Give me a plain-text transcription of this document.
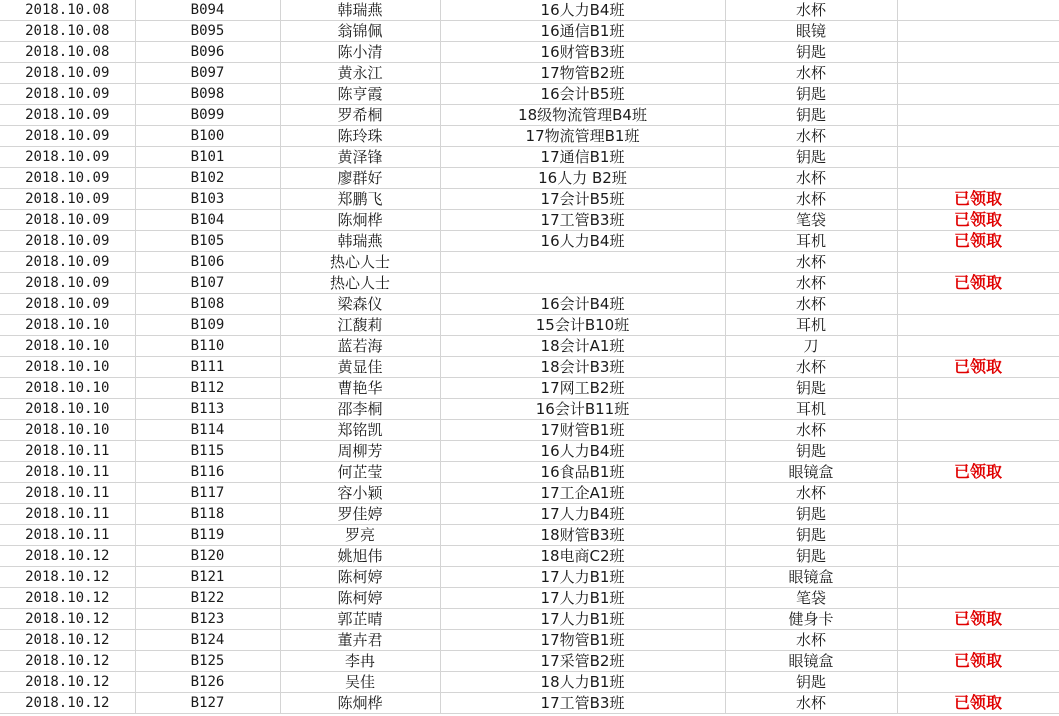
2018.10.08	B094	韩瑞燕	16人力B4班	水杯	
2018.10.08	B095	翁锦佩	16通信B1班	眼镜	
2018.10.08	B096	陈小清	16财管B3班	钥匙	
2018.10.09	B097	黄永江	17物管B2班	水杯	
2018.10.09	B098	陈亨霞	16会计B5班	钥匙	
2018.10.09	B099	罗希桐	18级物流管理B4班	钥匙	
2018.10.09	B100	陈玲珠	17物流管理B1班	水杯	
2018.10.09	B101	黄泽锋	17通信B1班	钥匙	
2018.10.09	B102	廖群好	16人力 B2班	水杯	
2018.10.09	B103	郑鹏飞	17会计B5班	水杯	已领取
2018.10.09	B104	陈炯桦	17工管B3班	笔袋	已领取
2018.10.09	B105	韩瑞燕	16人力B4班	耳机	已领取
2018.10.09	B106	热心人士		水杯	
2018.10.09	B107	热心人士		水杯	已领取
2018.10.09	B108	梁森仪	16会计B4班	水杯	
2018.10.10	B109	江馥莉	15会计B10班	耳机	
2018.10.10	B110	蓝若海	18会计A1班	刀	
2018.10.10	B111	黄显佳	18会计B3班	水杯	已领取
2018.10.10	B112	曹艳华	17网工B2班	钥匙	
2018.10.10	B113	邵李桐	16会计B11班	耳机	
2018.10.10	B114	郑铭凯	17财管B1班	水杯	
2018.10.11	B115	周柳芳	16人力B4班	钥匙	
2018.10.11	B116	何芷莹	16食品B1班	眼镜盒	已领取
2018.10.11	B117	容小颖	17工企A1班	水杯	
2018.10.11	B118	罗佳婷	17人力B4班	钥匙	
2018.10.11	B119	罗亮	18财管B3班	钥匙	
2018.10.12	B120	姚旭伟	18电商C2班	钥匙	
2018.10.12	B121	陈柯婷	17人力B1班	眼镜盒	
2018.10.12	B122	陈柯婷	17人力B1班	笔袋	
2018.10.12	B123	郭芷晴	17人力B1班	健身卡	已领取
2018.10.12	B124	董卉君	17物管B1班	水杯	
2018.10.12	B125	李冉	17采管B2班	眼镜盒	已领取
2018.10.12	B126	吴佳	18人力B1班	钥匙	
2018.10.12	B127	陈炯桦	17工管B3班	水杯	已领取
